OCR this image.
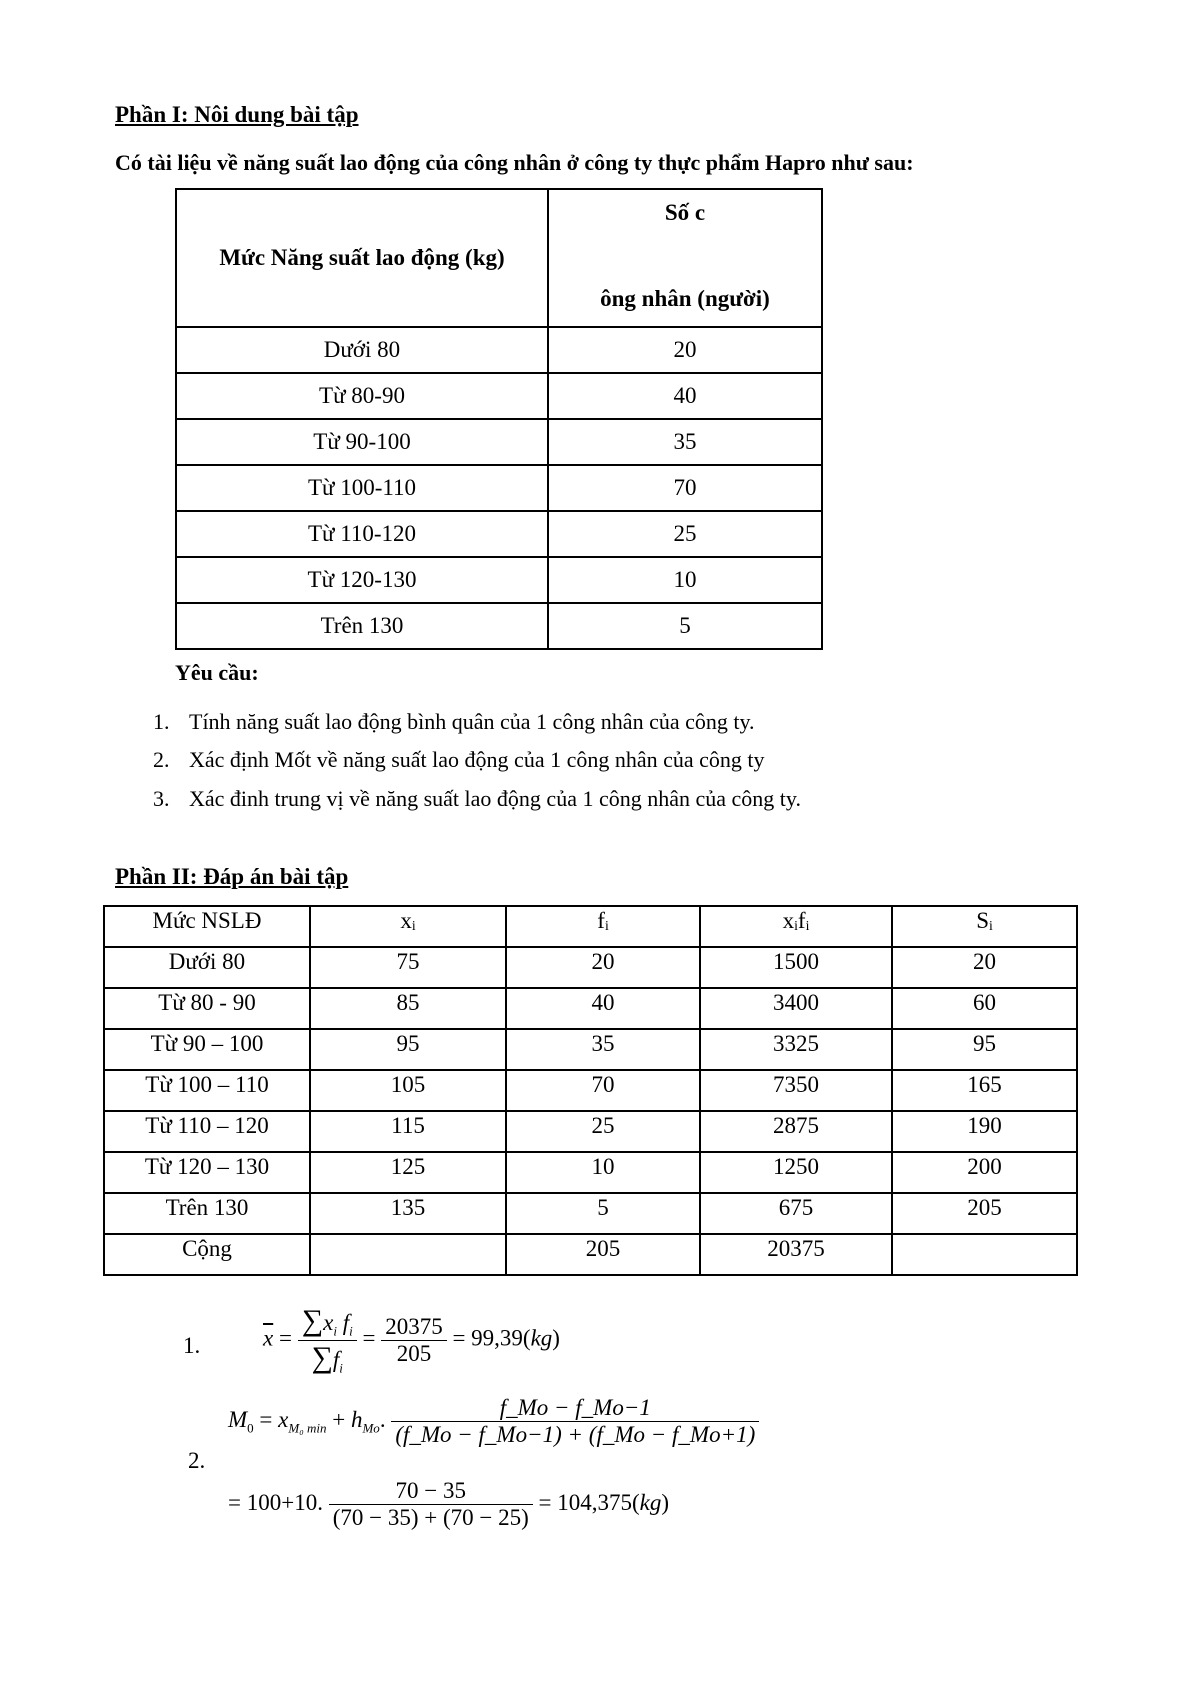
Phần I: Nôi dung bài tập
Có tài liệu về năng suất lao động của công nhân ở công ty thực phẩm Hapro như sau:
Mức Năng suất lao động (kg)	Số c
ông nhân (người)

Dưới 80	20
Từ 80-90	40
Từ 90-100	35
Từ 100-110	70
Từ 110-120	25
Từ 120-130	10
Trên 130	5
Yêu cầu:
1. Tính năng suất lao động bình quân của 1 công nhân của công ty.
2. Xác định Mốt về năng suất lao động của 1 công nhân của công ty
3. Xác đinh trung vị về năng suất lao động của 1 công nhân của công ty.
Phần II: Đáp án bài tập
Mức NSLĐ	xᵢ	fᵢ	xᵢfᵢ	Sᵢ
Dưới 80	75	20	1500	20
Từ 80 - 90	85	40	3400	60
Từ 90 – 100	95	35	3325	95
Từ 100 – 110	105	70	7350	165
Từ 110 – 120	115	25	2875	190
Từ 120 – 130	125	10	1250	200
Trên 130	135	5	675	205
Cộng		205	20375	
1.	$\overline{x} = \frac{\sum x_i f_i}{\sum f_i} = \frac{20375}{205} = 99,39(kg)$
2.
$M_0 = x_{M_0 min} + h_{Mo}$. $\frac{f\_Mo - f\_Mo-1}{(f\_Mo - f\_Mo-1) + (f\_Mo - f\_Mo+1)}$
= 100+10. $\frac{70 - 35}{(70 - 35) + (70 - 25)} = 104,375(kg)$
